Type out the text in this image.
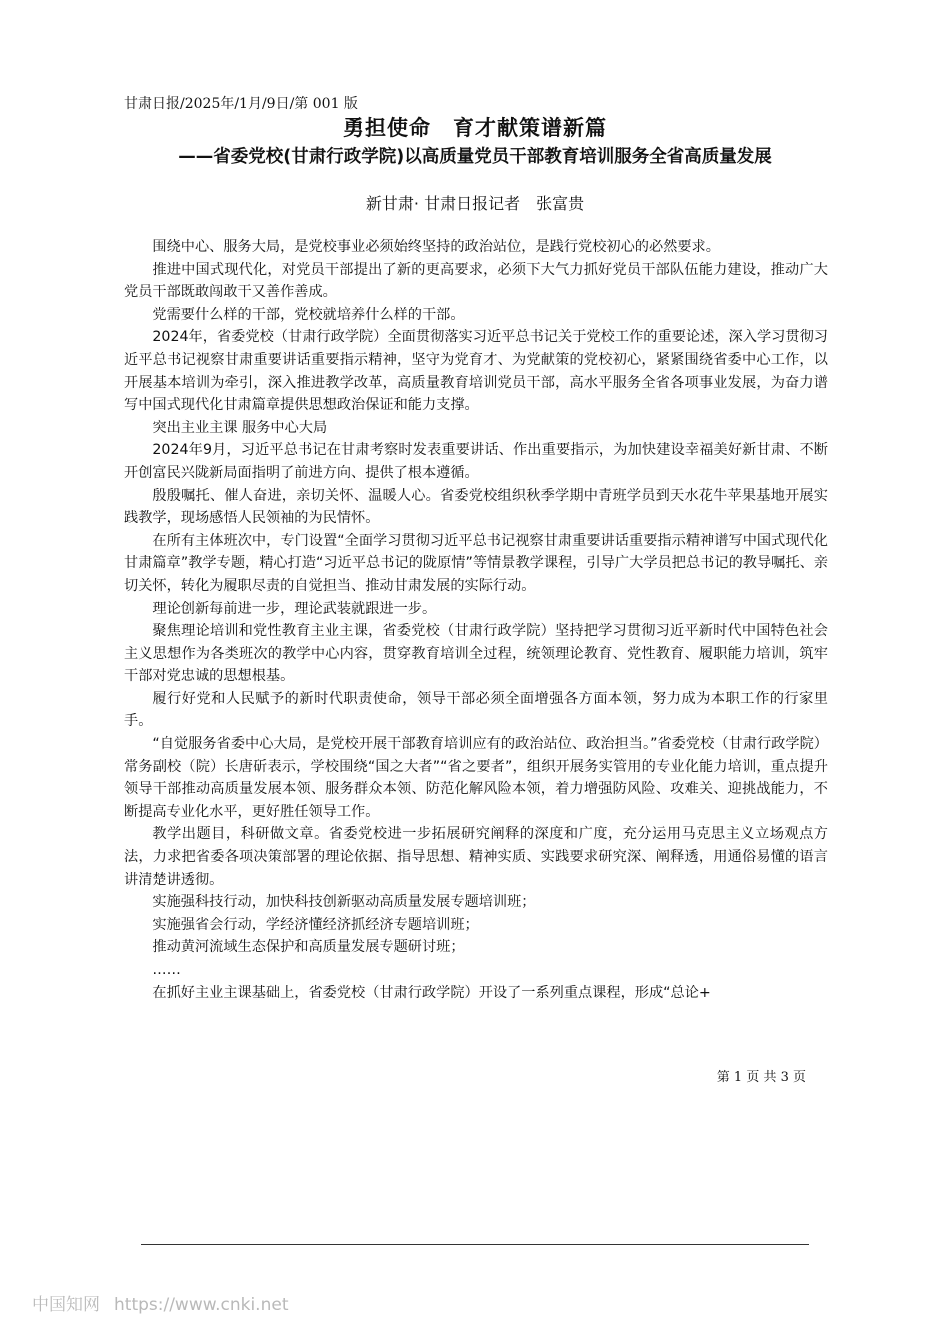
甘肃日报/2025年/1月/9日/第 001 版
勇担使命　育才献策谱新篇
——省委党校(甘肃行政学院)以高质量党员干部教育培训服务全省高质量发展
新甘肃· 甘肃日报记者　张富贵

围绕中心、服务大局，是党校事业必须始终坚持的政治站位，是践行党校初心的必然要求。

推进中国式现代化，对党员干部提出了新的更高要求，必须下大气力抓好党员干部队伍能力建设，推动广大党员干部既敢闯敢干又善作善成。

党需要什么样的干部，党校就培养什么样的干部。

2024年，省委党校（甘肃行政学院）全面贯彻落实习近平总书记关于党校工作的重要论述，深入学习贯彻习近平总书记视察甘肃重要讲话重要指示精神，坚守为党育才、为党献策的党校初心，紧紧围绕省委中心工作，以开展基本培训为牵引，深入推进教学改革，高质量教育培训党员干部，高水平服务全省各项事业发展，为奋力谱写中国式现代化甘肃篇章提供思想政治保证和能力支撑。

突出主业主课 服务中心大局

2024年9月，习近平总书记在甘肃考察时发表重要讲话、作出重要指示，为加快建设幸福美好新甘肃、不断开创富民兴陇新局面指明了前进方向、提供了根本遵循。

殷殷嘱托、催人奋进，亲切关怀、温暖人心。省委党校组织秋季学期中青班学员到天水花牛苹果基地开展实践教学，现场感悟人民领袖的为民情怀。

在所有主体班次中，专门设置“全面学习贯彻习近平总书记视察甘肃重要讲话重要指示精神谱写中国式现代化甘肃篇章”教学专题，精心打造“习近平总书记的陇原情”等情景教学课程，引导广大学员把总书记的教导嘱托、亲切关怀，转化为履职尽责的自觉担当、推动甘肃发展的实际行动。

理论创新每前进一步，理论武装就跟进一步。

聚焦理论培训和党性教育主业主课，省委党校（甘肃行政学院）坚持把学习贯彻习近平新时代中国特色社会主义思想作为各类班次的教学中心内容，贯穿教育培训全过程，统领理论教育、党性教育、履职能力培训，筑牢干部对党忠诚的思想根基。

履行好党和人民赋予的新时代职责使命，领导干部必须全面增强各方面本领，努力成为本职工作的行家里手。

“自觉服务省委中心大局，是党校开展干部教育培训应有的政治站位、政治担当。”省委党校（甘肃行政学院）常务副校（院）长唐斫表示，学校围绕“国之大者”“省之要者”，组织开展务实管用的专业化能力培训，重点提升领导干部推动高质量发展本领、服务群众本领、防范化解风险本领，着力增强防风险、攻难关、迎挑战能力，不断提高专业化水平，更好胜任领导工作。

教学出题目，科研做文章。省委党校进一步拓展研究阐释的深度和广度，充分运用马克思主义立场观点方法，力求把省委各项决策部署的理论依据、指导思想、精神实质、实践要求研究深、阐释透，用通俗易懂的语言讲清楚讲透彻。

实施强科技行动，加快科技创新驱动高质量发展专题培训班；

实施强省会行动，学经济懂经济抓经济专题培训班；

推动黄河流域生态保护和高质量发展专题研讨班；

……

在抓好主业主课基础上，省委党校（甘肃行政学院）开设了一系列重点课程，形成“总论+

第 1 页 共 3 页
中国知网 https://www.cnki.net
